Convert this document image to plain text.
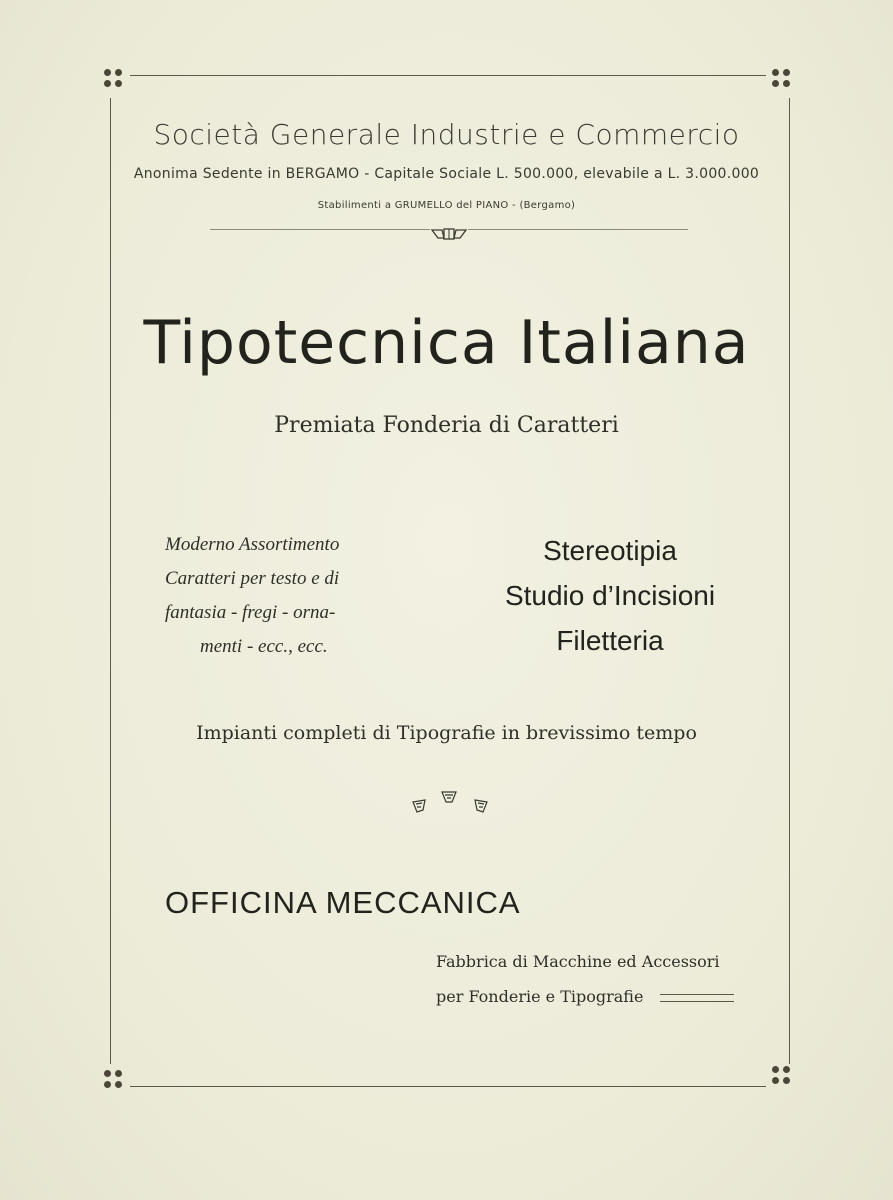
Società Generale Industrie e Commercio
Anonima Sedente in BERGAMO - Capitale Sociale L. 500.000, elevabile a L. 3.000.000
Stabilimenti a GRUMELLO del PIANO - (Bergamo)
Tipotecnica Italiana
Premiata Fonderia di Caratteri
Moderno Assortimento
Caratteri per testo e di
fantasia - fregi - orna-
menti - ecc., ecc.
Stereotipia
Studio d’Incisioni
Filetteria
Impianti completi di Tipografie in brevissimo tempo
OFFICINA MECCANICA
Fabbrica di Macchine ed Accessori
per Fonderie e Tipografie
